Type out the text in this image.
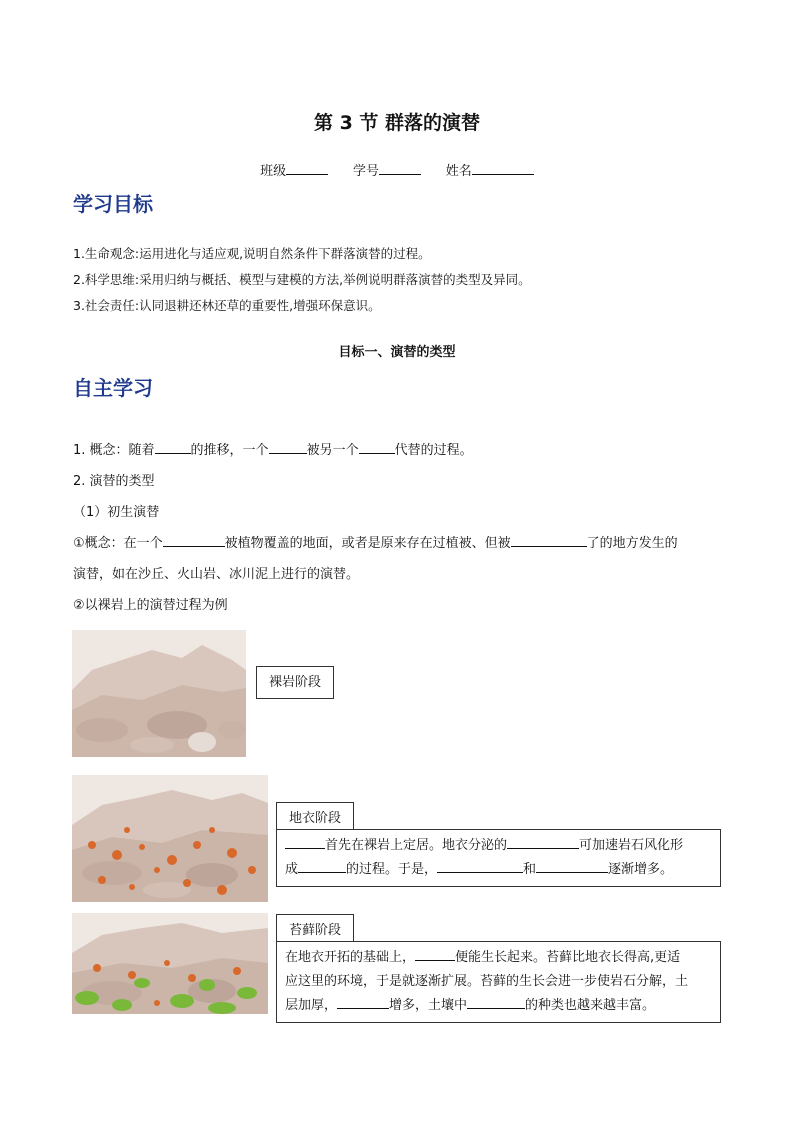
第 3 节 群落的演替
班级	学号	姓名
学习目标
1.生命观念:运用进化与适应观,说明自然条件下群落演替的过程。
2.科学思维:采用归纳与概括、模型与建模的方法,举例说明群落演替的类型及异同。
3.社会责任:认同退耕还林还草的重要性,增强环保意识。
目标一、演替的类型
自主学习
1. 概念：随着	的推移，一个	被另一个	代替的过程。
2. 演替的类型
（1）初生演替
①概念：在一个	被植物覆盖的地面，或者是原来存在过植被、但被	了的地方发生的
演替，如在沙丘、火山岩、冰川泥上进行的演替。
②以裸岩上的演替过程为例
裸岩阶段
地衣阶段
首先在裸岩上定居。地衣分泌的	可加速岩石风化形
成	的过程。于是，	和	逐渐增多。
苔藓阶段
在地衣开拓的基础上，	便能生长起来。苔藓比地衣长得高,更适
应这里的环境，于是就逐渐扩展。苔藓的生长会进一步使岩石分解，土
层加厚，	增多，土壤中	的种类也越来越丰富。
